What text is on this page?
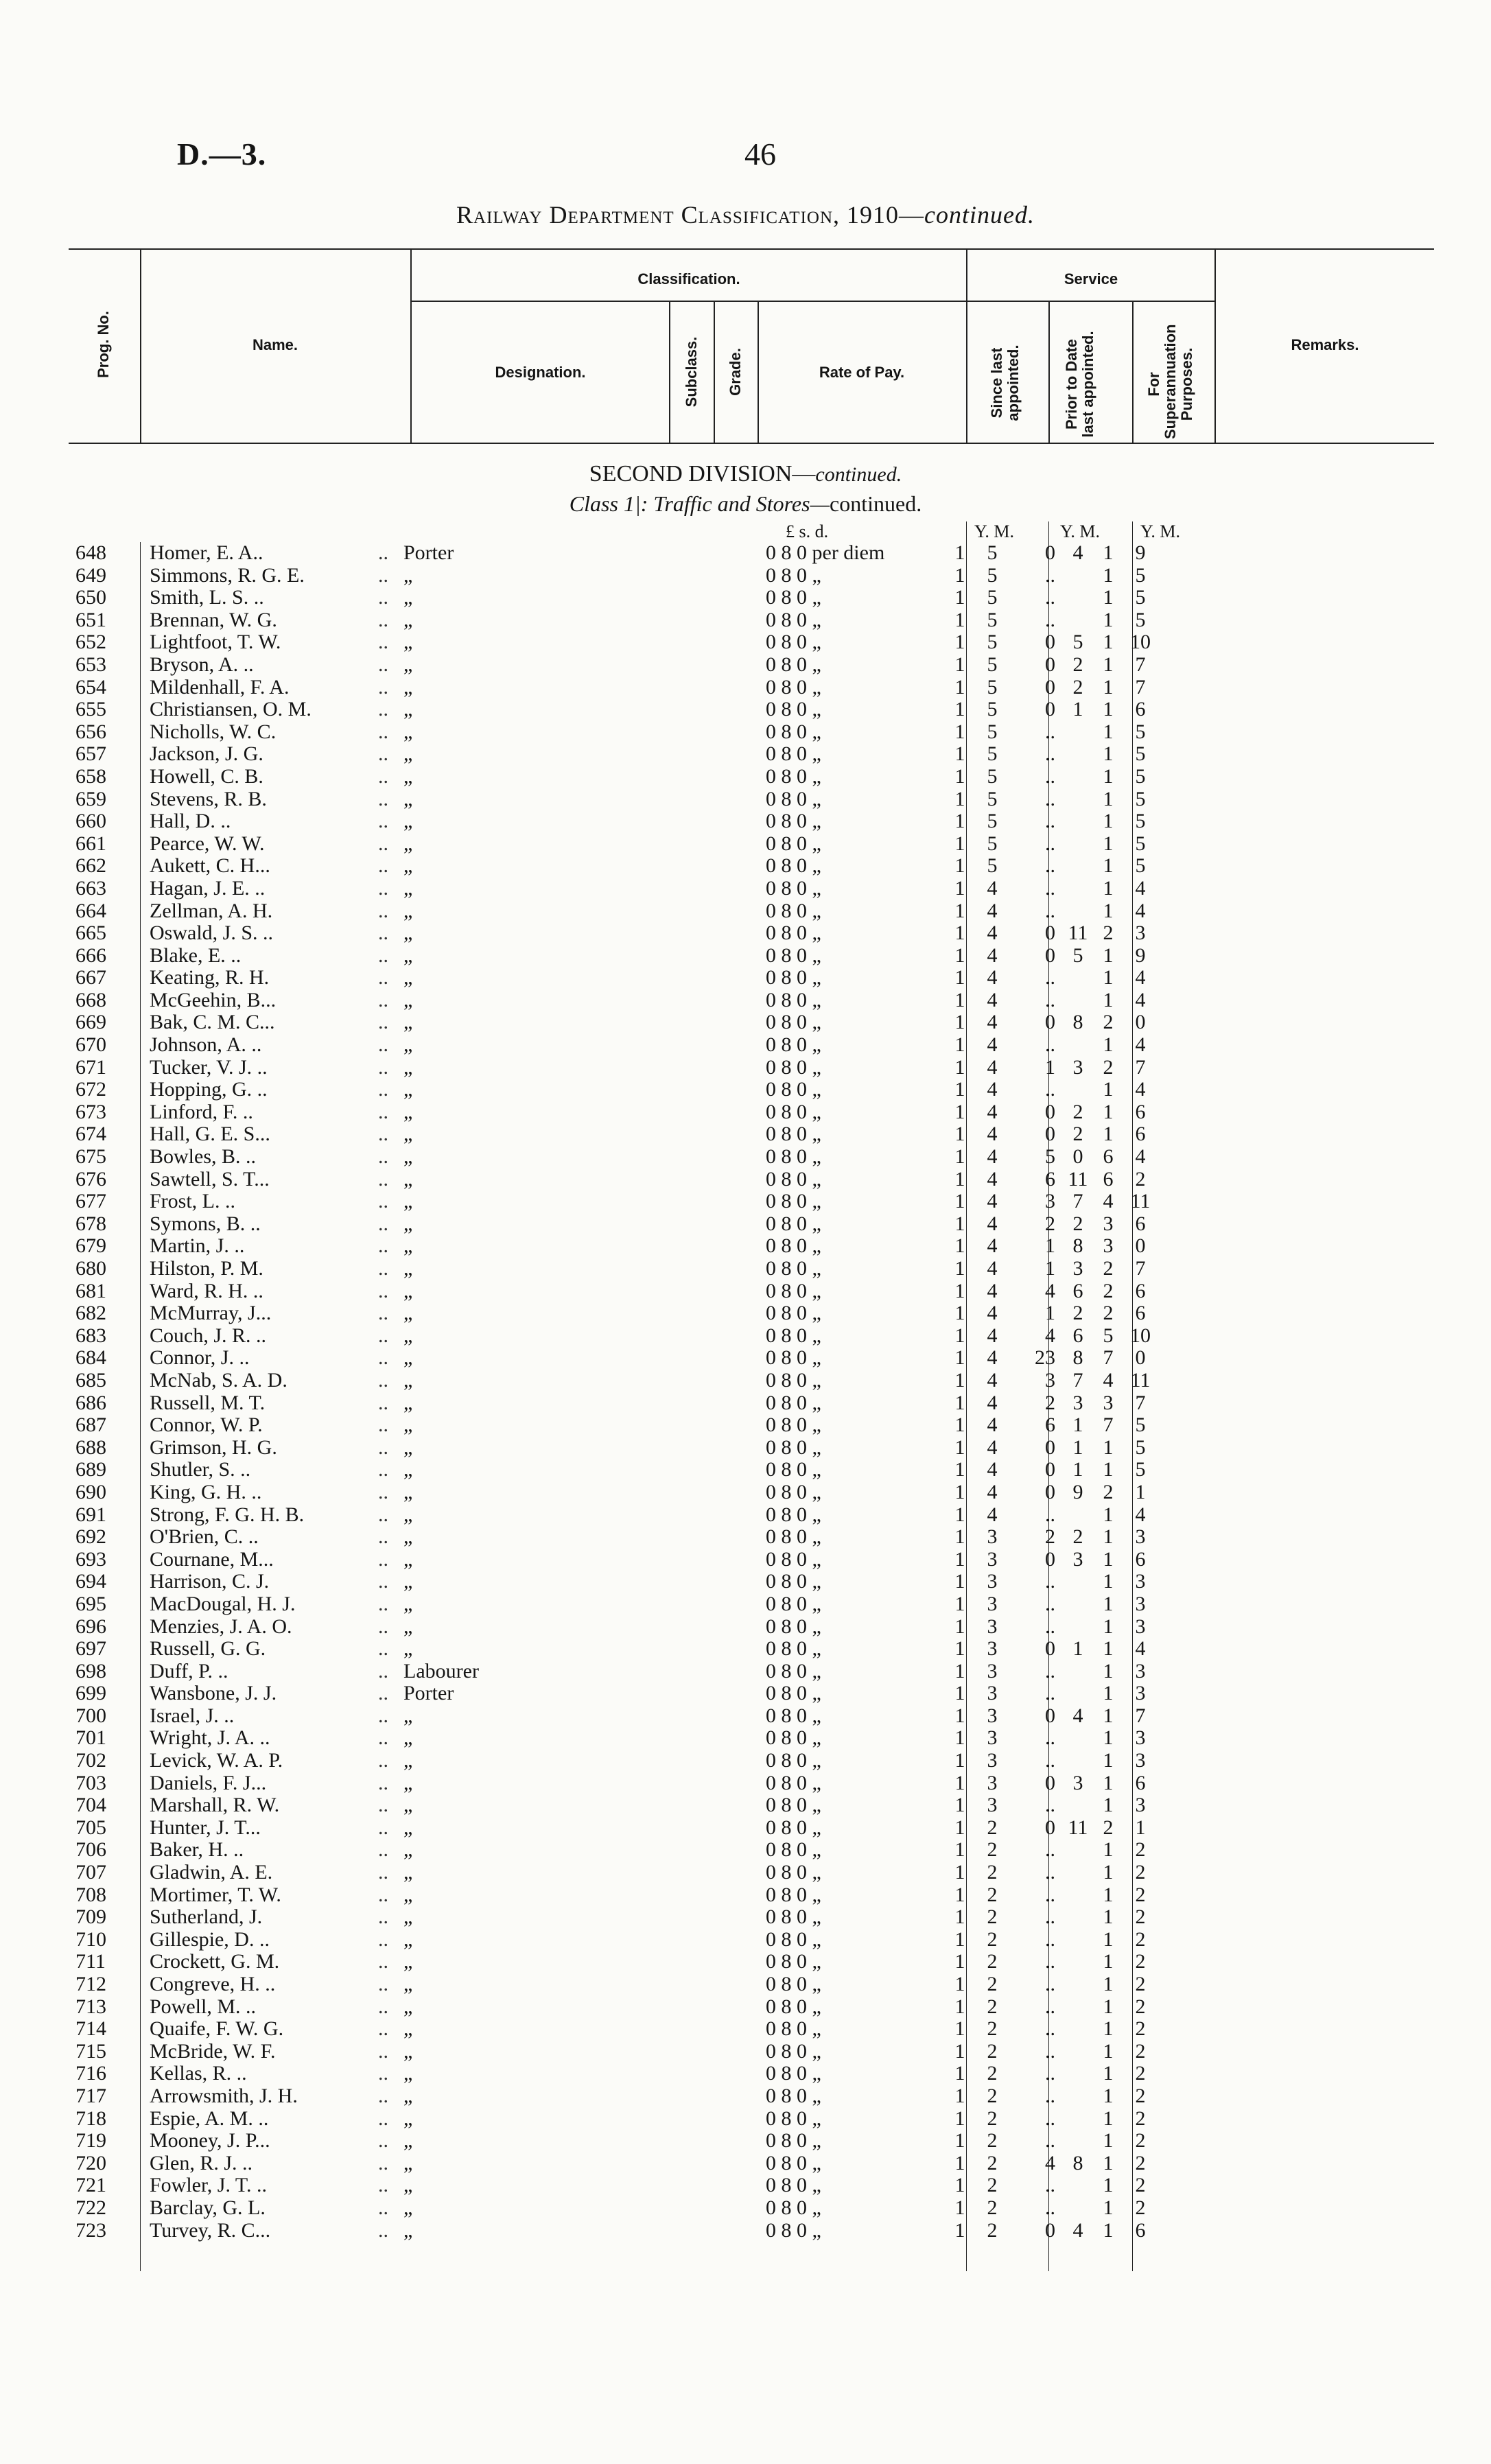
D.—3.	46
Railway Department Classification, 1910—continued.
Prog. No.	Name.
Classification.
Designation.	Subclass. Grade.	Rate of Pay.
Service
Since last appointed.	Prior to Date last appointed.	For Superannuation Purposes.
Remarks.
SECOND DIVISION—continued.
Class 1|: Traffic and Stores—continued.
£ s. d.	Y. M.	Y. M. Y. M.
648	Homer, E. A.. ..	Porter			0 8 0 per diem	1	5	0	4	1	9
649	Simmons, R. G. E. ..	„			0 8 0 „	1	5	..		1	5
650	Smith, L. S. .. ..	„			0 8 0 „	1	5	..		1	5
651	Brennan, W. G. ..	„			0 8 0 „	1	5	..		1	5
652	Lightfoot, T. W. ..	„			0 8 0 „	1	5	0	5	1	10
653	Bryson, A. .. ..	„			0 8 0 „	1	5	0	2	1	7
654	Mildenhall, F. A. ..	„			0 8 0 „	1	5	0	2	1	7
655	Christiansen, O. M. ..	„			0 8 0 „	1	5	0	1	1	6
656	Nicholls, W. C. ..	„			0 8 0 „	1	5	..		1	5
657	Jackson, J. G. ..	„			0 8 0 „	1	5	..		1	5
658	Howell, C. B. ..	„			0 8 0 „	1	5	..		1	5
659	Stevens, R. B. ..	„			0 8 0 „	1	5	..		1	5
660	Hall, D. .. ..	„			0 8 0 „	1	5	..		1	5
661	Pearce, W. W. ..	„			0 8 0 „	1	5	..		1	5
662	Aukett, C. H... ..	„			0 8 0 „	1	5	..		1	5
663	Hagan, J. E. .. ..	„			0 8 0 „	1	4	..		1	4
664	Zellman, A. H. ..	„			0 8 0 „	1	4	..		1	4
665	Oswald, J. S. .. ..	„			0 8 0 „	1	4	0	11	2	3
666	Blake, E. .. ..	„			0 8 0 „	1	4	0	5	1	9
667	Keating, R. H. ..	„			0 8 0 „	1	4	..		1	4
668	McGeehin, B... ..	„			0 8 0 „	1	4	..		1	4
669	Bak, C. M. C... ..	„			0 8 0 „	1	4	0	8	2	0
670	Johnson, A. .. ..	„			0 8 0 „	1	4	..		1	4
671	Tucker, V. J. .. ..	„			0 8 0 „	1	4	1	3	2	7
672	Hopping, G. .. ..	„			0 8 0 „	1	4	..		1	4
673	Linford, F. .. ..	„			0 8 0 „	1	4	0	2	1	6
674	Hall, G. E. S... ..	„			0 8 0 „	1	4	0	2	1	6
675	Bowles, B. .. ..	„			0 8 0 „	1	4	5	0	6	4
676	Sawtell, S. T... ..	„			0 8 0 „	1	4	6	11	6	2
677	Frost, L. .. ..	„			0 8 0 „	1	4	3	7	4	11
678	Symons, B. .. ..	„			0 8 0 „	1	4	2	2	3	6
679	Martin, J. .. ..	„			0 8 0 „	1	4	1	8	3	0
680	Hilston, P. M. ..	„			0 8 0 „	1	4	1	3	2	7
681	Ward, R. H. .. ..	„			0 8 0 „	1	4	4	6	2	6
682	McMurray, J... ..	„			0 8 0 „	1	4	1	2	2	6
683	Couch, J. R. .. ..	„			0 8 0 „	1	4	4	6	5	10
684	Connor, J. .. ..	„			0 8 0 „	1	4	23	8	7	0
685	McNab, S. A. D. ..	„			0 8 0 „	1	4	3	7	4	11
686	Russell, M. T. ..	„			0 8 0 „	1	4	2	3	3	7
687	Connor, W. P. ..	„			0 8 0 „	1	4	6	1	7	5
688	Grimson, H. G. ..	„			0 8 0 „	1	4	0	1	1	5
689	Shutler, S. .. ..	„			0 8 0 „	1	4	0	1	1	5
690	King, G. H. .. ..	„			0 8 0 „	1	4	0	9	2	1
691	Strong, F. G. H. B. ..	„			0 8 0 „	1	4	..		1	4
692	O'Brien, C. .. ..	„			0 8 0 „	1	3	2	2	1	3
693	Cournane, M... ..	„			0 8 0 „	1	3	0	3	1	6
694	Harrison, C. J. ..	„			0 8 0 „	1	3	..		1	3
695	MacDougal, H. J. ..	„			0 8 0 „	1	3	..		1	3
696	Menzies, J. A. O. ..	„			0 8 0 „	1	3	..		1	3
697	Russell, G. G. ..	„			0 8 0 „	1	3	0	1	1	4
698	Duff, P. .. ..	Labourer			0 8 0 „	1	3	..		1	3
699	Wansbone, J. J. ..	Porter			0 8 0 „	1	3	..		1	3
700	Israel, J. .. ..	„			0 8 0 „	1	3	0	4	1	7
701	Wright, J. A. .. ..	„			0 8 0 „	1	3	..		1	3
702	Levick, W. A. P. ..	„			0 8 0 „	1	3	..		1	3
703	Daniels, F. J... ..	„			0 8 0 „	1	3	0	3	1	6
704	Marshall, R. W. ..	„			0 8 0 „	1	3	..		1	3
705	Hunter, J. T... ..	„			0 8 0 „	1	2	0	11	2	1
706	Baker, H. .. ..	„			0 8 0 „	1	2	..		1	2
707	Gladwin, A. E. ..	„			0 8 0 „	1	2	..		1	2
708	Mortimer, T. W. ..	„			0 8 0 „	1	2	..		1	2
709	Sutherland, J. ..	„			0 8 0 „	1	2	..		1	2
710	Gillespie, D. .. ..	„			0 8 0 „	1	2	..		1	2
711	Crockett, G. M. ..	„			0 8 0 „	1	2	..		1	2
712	Congreve, H. .. ..	„			0 8 0 „	1	2	..		1	2
713	Powell, M. .. ..	„			0 8 0 „	1	2	..		1	2
714	Quaife, F. W. G. ..	„			0 8 0 „	1	2	..		1	2
715	McBride, W. F. ..	„			0 8 0 „	1	2	..		1	2
716	Kellas, R. .. ..	„			0 8 0 „	1	2	..		1	2
717	Arrowsmith, J. H. ..	„			0 8 0 „	1	2	..		1	2
718	Espie, A. M. .. ..	„			0 8 0 „	1	2	..		1	2
719	Mooney, J. P... ..	„			0 8 0 „	1	2	..		1	2
720	Glen, R. J. .. ..	„			0 8 0 „	1	2	4	8	1	2
721	Fowler, J. T. .. ..	„			0 8 0 „	1	2	..		1	2
722	Barclay, G. L. ..	„			0 8 0 „	1	2	..		1	2
723	Turvey, R. C... ..	„			0 8 0 „	1	2	0	4	1	6
